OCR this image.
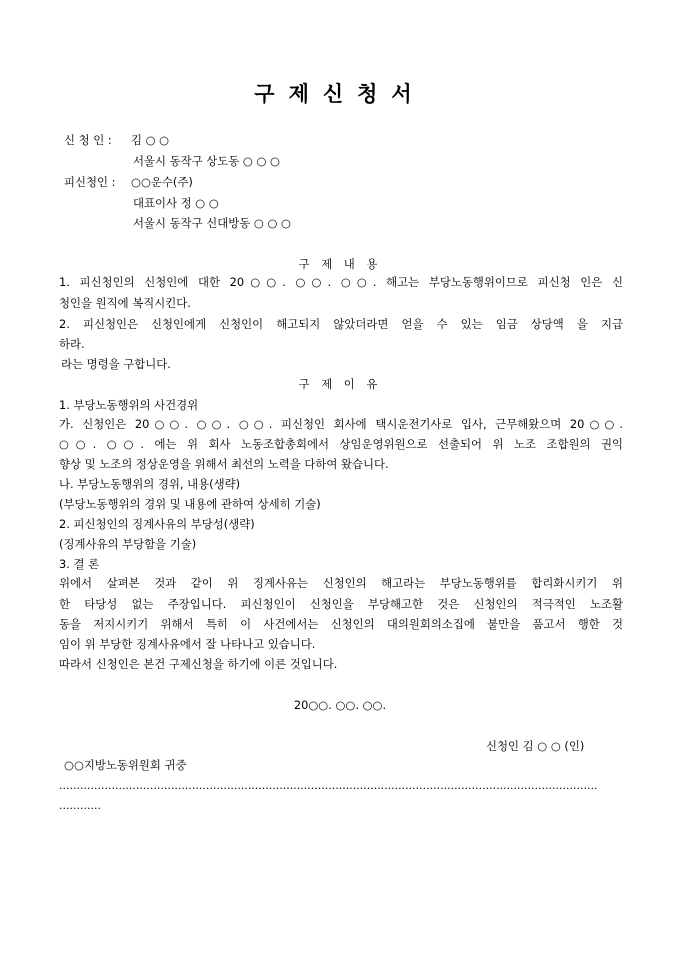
구제신청서
신 청 인 : 김 ○ ○
서울시 동작구 상도동 ○ ○ ○
피신청인 : ○○운수(주)
대표이사 정 ○ ○
서울시 동작구 신대방동 ○ ○ ○
구 제 내 용
1. 피신청인의 신청인에 대한 20○○. ○○. ○○. 해고는 부당노동행위이므로 피신청 인은 신
청인을 원직에 복직시킨다.
2. 피신청인은 신청인에게 신청인이 해고되지 않았더라면 얻을 수 있는 임금 상당액 을 지급
하라.
라는 명령을 구합니다.
구 제 이 유
1. 부당노동행위의 사건경위
가. 신청인은 20○○. ○○. ○○. 피신청인 회사에 택시운전기사로 입사, 근무해왔으며 20○○.
○○. ○○. 에는 위 회사 노동조합총회에서 상임운영위원으로 선출되어 위 노조 조합원의 권익
향상 및 노조의 정상운영을 위해서 최선의 노력을 다하여 왔습니다.
나. 부당노동행위의 경위, 내용(생략)
(부당노동행위의 경위 및 내용에 관하여 상세히 기술)
2. 피신청인의 징계사유의 부당성(생략)
(징계사유의 부당함을 기술)
3. 결 론
위에서 살펴본 것과 같이 위 징계사유는 신청인의 해고라는 부당노동행위를 합리화시키기 위
한 타당성 없는 주장입니다. 피신청인이 신청인을 부당해고한 것은 신청인의 적극적인 노조활
동을 저지시키기 위해서 특히 이 사건에서는 신청인의 대의원회의소집에 불만을 품고서 행한 것
임이 위 부당한 징계사유에서 잘 나타나고 있습니다.
따라서 신청인은 본건 구제신청을 하기에 이른 것입니다.
20○○. ○○. ○○.
신청인 김 ○ ○ (인)
○○지방노동위원회 귀중
..........................................................................................................................................................
............
